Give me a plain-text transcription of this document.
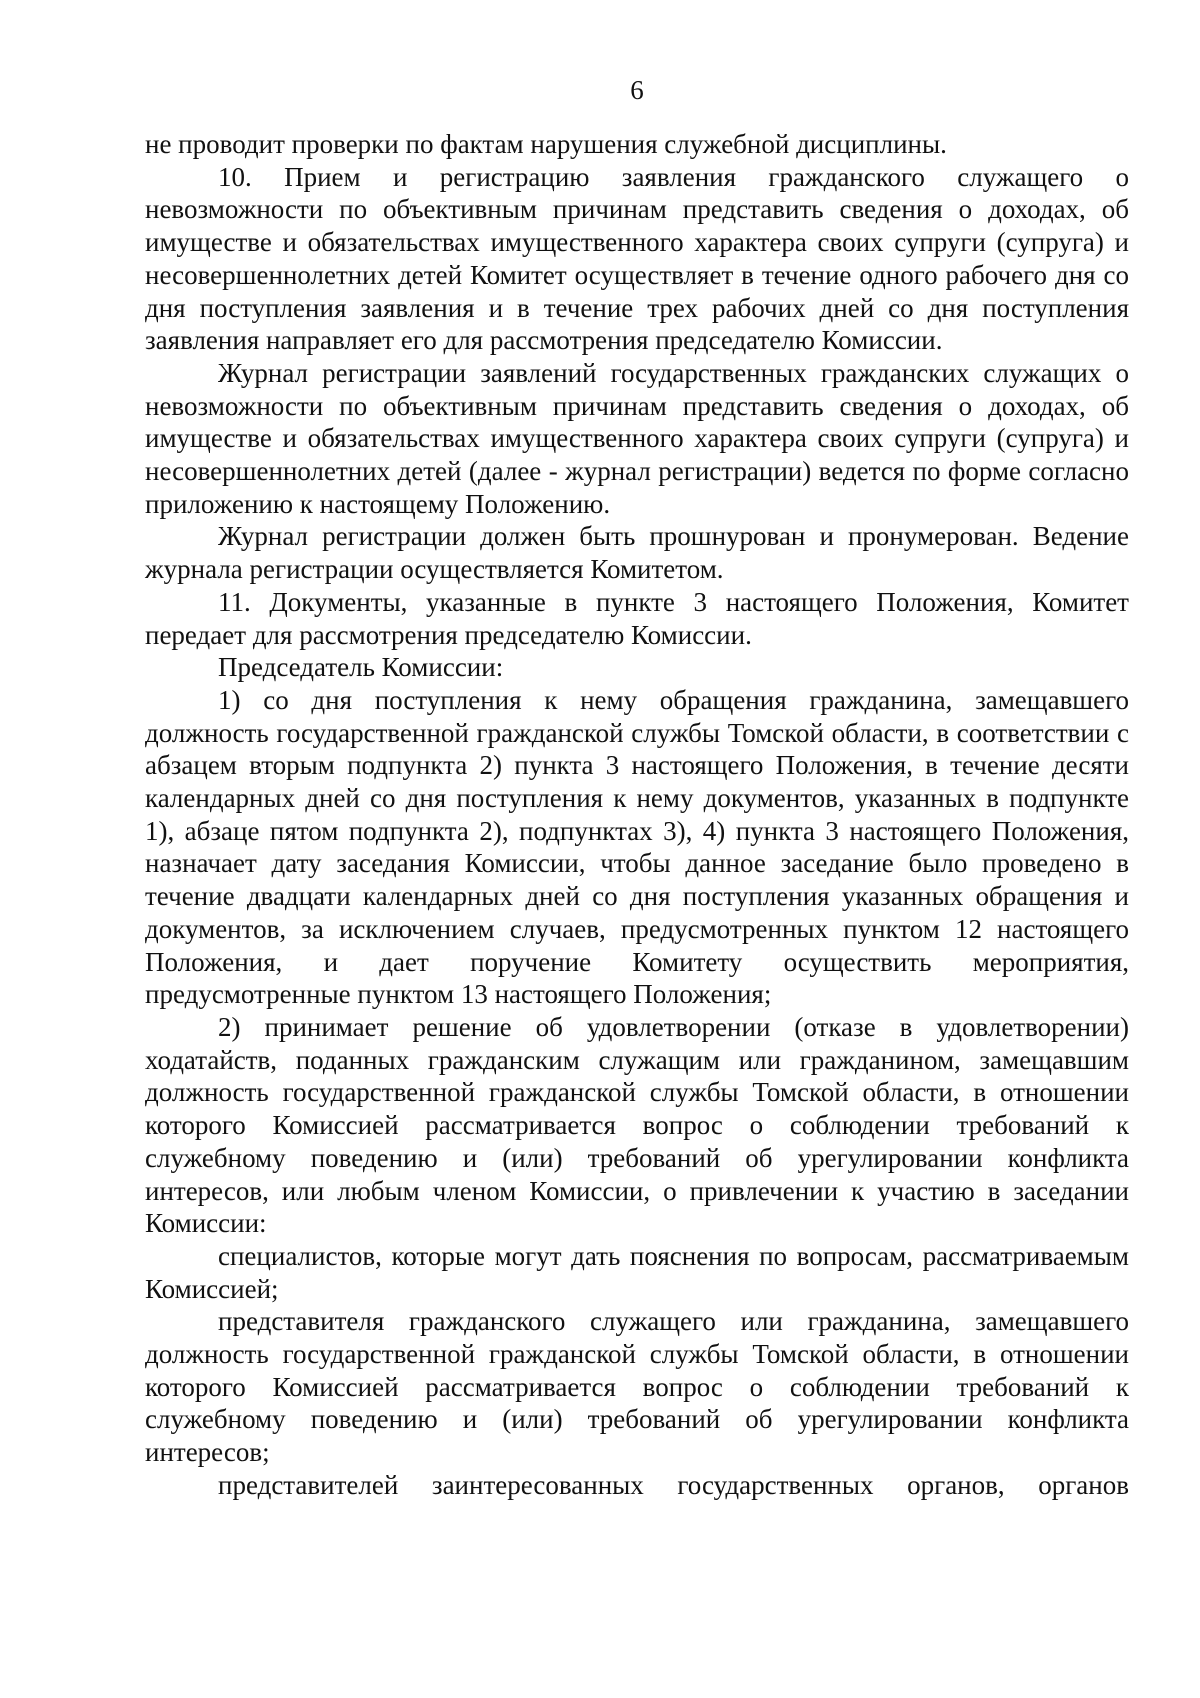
6

не проводит проверки по фактам нарушения служебной дисциплины.

10. Прием и регистрацию заявления гражданского служащего о невозможности по объективным причинам представить сведения о доходах, об имуществе и обязательствах имущественного характера своих супруги (супруга) и несовершеннолетних детей Комитет осуществляет в течение одного рабочего дня со дня поступления заявления и в течение трех рабочих дней со дня поступления заявления направляет его для рассмотрения председателю Комиссии.

Журнал регистрации заявлений государственных гражданских служащих о невозможности по объективным причинам представить сведения о доходах, об имуществе и обязательствах имущественного характера своих супруги (супруга) и несовершеннолетних детей (далее - журнал регистрации) ведется по форме согласно приложению к настоящему Положению.

Журнал регистрации должен быть прошнурован и пронумерован. Ведение журнала регистрации осуществляется Комитетом.

11. Документы, указанные в пункте 3 настоящего Положения, Комитет передает для рассмотрения председателю Комиссии.

Председатель Комиссии:

1) со дня поступления к нему обращения гражданина, замещавшего должность государственной гражданской службы Томской области, в соответствии с абзацем вторым подпункта 2) пункта 3 настоящего Положения, в течение десяти календарных дней со дня поступления к нему документов, указанных в подпункте 1), абзаце пятом подпункта 2), подпунктах 3), 4) пункта 3 настоящего Положения, назначает дату заседания Комиссии, чтобы данное заседание было проведено в течение двадцати календарных дней со дня поступления указанных обращения и документов, за исключением случаев, предусмотренных пунктом 12 настоящего Положения, и дает поручение Комитету осуществить мероприятия, предусмотренные пунктом 13 настоящего Положения;

2) принимает решение об удовлетворении (отказе в удовлетворении) ходатайств, поданных гражданским служащим или гражданином, замещавшим должность государственной гражданской службы Томской области, в отношении которого Комиссией рассматривается вопрос о соблюдении требований к служебному поведению и (или) требований об урегулировании конфликта интересов, или любым членом Комиссии, о привлечении к участию в заседании Комиссии:

специалистов, которые могут дать пояснения по вопросам, рассматриваемым Комиссией;

представителя гражданского служащего или гражданина, замещавшего должность государственной гражданской службы Томской области, в отношении которого Комиссией рассматривается вопрос о соблюдении требований к служебному поведению и (или) требований об урегулировании конфликта интересов;

представителей заинтересованных государственных органов, органов
